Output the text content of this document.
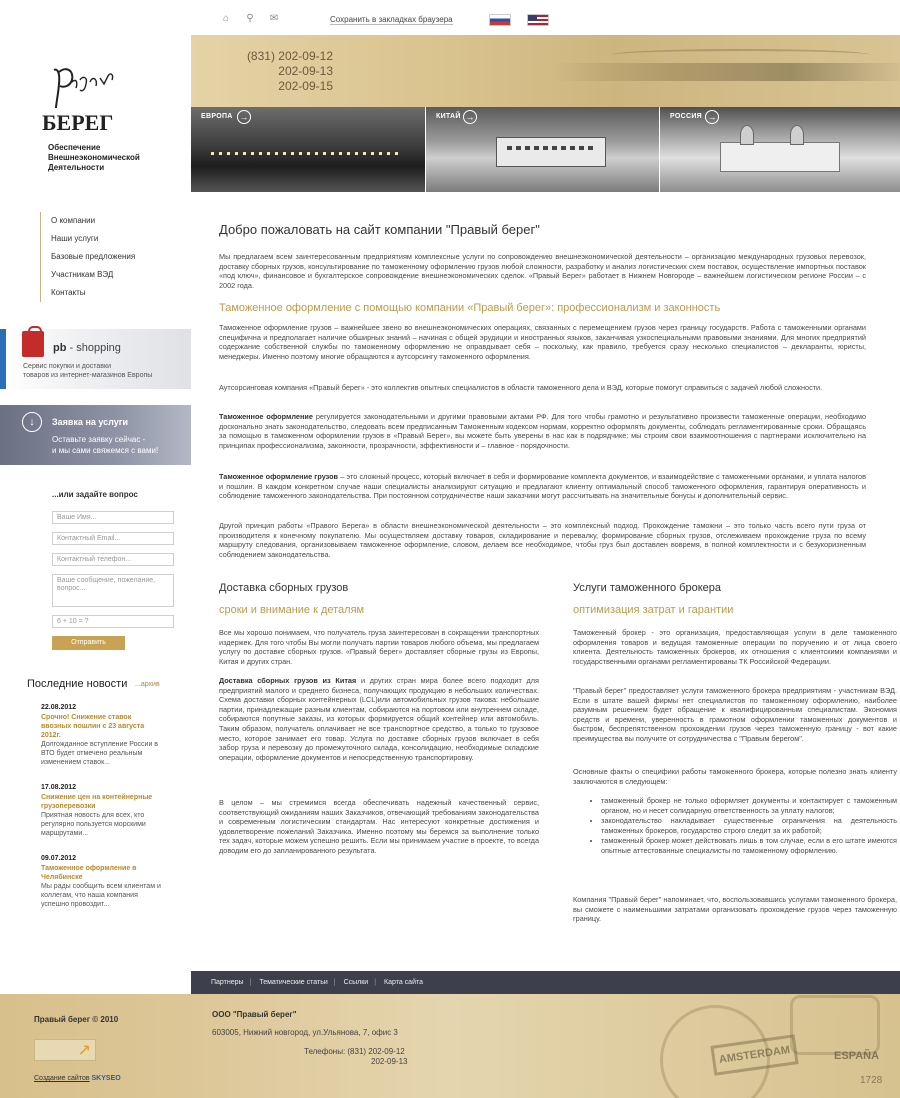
⌂ ⚲ ✉	Сохранить в закладках браузера
(831) 202-09-12
202-09-13
202-09-15
ЕВРОПА →	КИТАЙ →	РОССИЯ →
БЕРЕГ
Обеспечение
Внешнеэкономической
Деятельности
О компании
Наши услуги
Базовые предложения
Участникам ВЭД
Контакты
pb - shopping
Сервис покупки и доставки
товаров из интернет-магазинов Европы
↓	Заявка на услуги
Оставьте заявку сейчас -
и мы сами свяжемся с вами!
...или задайте вопрос
Ваше Имя...
Контактный Email...
Контактный телефон...
Ваше сообщение, пожелание, вопрос...
6 + 10 = ?
Отправить
Последние новости ...архив
22.08.2012
Срочно! Снижение ставок
ввозных пошлин с 23 августа
2012г.
Долгожданное вступление России в
ВТО будет отмечено реальным
изменением ставок...
17.08.2012
Снижение цен на контейнерные
грузоперевозки
Приятная новость для всех, кто
регулярно пользуется морскими
маршрутами...
09.07.2012
Таможенное оформление в
Челябинске
Мы рады сообщить всем клиентам и
коллегам, что наша компания
успешно провоздит...
Добро пожаловать на сайт компании "Правый берег"
Мы предлагаем всем заинтересованным предприятиям комплексные услуги по сопровождению внешнеэкономической деятельности – организацию международных грузовых перевозок, доставку сборных грузов, консультирование по таможенному оформлению грузов любой сложности, разработку и анализ логистических схем поставок, осуществление импортных поставок «под ключ», финансовое и бухгалтерское сопровождение внешнеэкономических сделок. «Правый Берег» работает в Нижнем Новгороде – важнейшем логистическом регионе России – с 2002 года.
Таможенное оформление с помощью компании «Правый берег»: профессионализм и законность
Таможенное оформление грузов – важнейшее звено во внешнеэкономических операциях, связанных с перемещением грузов через границу государств. Работа с таможенными органами специфична и предполагает наличие обширных знаний – начиная с общей эрудиции и иностранных языков, заканчивая узкоспециальными правовыми знаниями. Для многих предприятий содержание собственной службы по таможенному оформлению не оправдывает себя – поскольку, как правило, требуется сразу несколько специалистов – декларанты, юристы, менеджеры. Именно поэтому многие обращаются к аутсорсингу таможенного оформления.
Аутсорсинговая компания «Правый берег» - это коллектив опытных специалистов в области таможенного дела и ВЭД, которые помогут справиться с задачей любой сложности.
Таможенное оформление регулируется законодательными и другими правовыми актами РФ. Для того чтобы грамотно и результативно произвести таможенные операции, необходимо досконально знать законодательство, следовать всем предписанным Таможенным кодексом нормам, корректно оформлять документы, соблюдать регламентированные сроки. Обращаясь за помощью в таможенном оформлении грузов в «Правый Берег», вы можете быть уверены в нас как в подрядчике: мы строим свои взаимоотношения с партнерами исключительно на принципах профессионализма, законности, прозрачности, эффективности и – главное - порядочности.
Таможенное оформление грузов – это сложный процесс, который включает в себя и формирование комплекта документов, и взаимодействие с таможенными органами, и уплата налогов и пошлин. В каждом конкретном случае наши специалисты анализируют ситуацию и предлагают клиенту оптимальный способ таможенного оформления, гарантируя оперативность и соблюдение таможенного законодательства. При постоянном сотрудничестве наши заказчики могут рассчитывать на значительные бонусы и дополнительный сервис.
Другой принцип работы «Правого Берега» в области внешнеэкономической деятельности – это комплексный подход. Прохождение таможни – это только часть всего пути груза от производителя к конечному покупателю. Мы осуществляем доставку товаров, складирование и перевалку, формирование сборных грузов, отслеживаем прохождение груза по всему маршруту следования, организовываем таможенное оформление, словом, делаем все необходимое, чтобы груз был доставлен вовремя, в полной комплектности и с безукоризненным соблюдением законодательства.
Доставка сборных грузов
сроки и внимание к деталям
Все мы хорошо понимаем, что получатель груза заинтересован в сокращении транспортных издержек. Для того чтобы Вы могли получать партии товаров любого объема, мы предлагаем услугу по доставке сборных грузов. «Правый берег» доставляет сборные грузы из Европы, Китая и других стран.
Доставка сборных грузов из Китая и других стран мира более всего подходит для предприятий малого и среднего бизнеса, получающих продукцию в небольших количествах. Схема доставки сборных контейнерных (LCL)или автомобильных грузов такова: небольшие партии, принадлежащие разным клиентам, собираются на портовом или внутреннем складе, собираются попутные заказы, из которых формируется общий контейнер или автомобиль. Таким образом, получатель оплачивает не все транспортное средство, а только то грузовое место, которое занимает его товар. Услуга по доставке сборных грузов включает в себя забор груза и перевозку до промежуточного склада, консолидацию, необходимые складские операции, оформление документов и непосредственную транспортировку.
В целом – мы стремимся всегда обеспечивать надежный качественный сервис, соответствующий ожиданиям наших Заказчиков, отвечающий требованиям законодательства и современным логистическим стандартам. Нас интересуют конкретные достижения и удовлетворение пожеланий Заказчика. Именно поэтому мы беремся за выполнение только тех задач, которые можем успешно решить. Если мы принимаем участие в проекте, то всегда доводим его до запланированного результата.
Услуги таможенного брокера
оптимизация затрат и гарантии
Таможенный брокер - это организация, предоставляющая услуги в деле таможенного оформления товаров и ведущая таможенные операции по поручению и от лица своего клиента. Деятельность таможенных брокеров, их отношения с клиентскими компаниями и государственными органами регламентированы ТК Российской Федерации.
"Правый берег" предоставляет услуги таможенного брокера предприятиям - участникам ВЭД. Если в штате вашей фирмы нет специалистов по таможенному оформлению, наиболее разумным решением будет обращение к квалифицированным специалистам. Экономия средств и времени, уверенность в грамотном оформлении таможенных документов и быстром, беспрепятственном прохождении грузов через таможенную границу - вот какие преимущества вы получите от сотрудничества с "Правым берегом".
Основные факты о специфики работы таможенного брокера, которые полезно знать клиенту заключаются в следующем:
• таможенный брокер не только оформляет документы и контактирует с таможенным органом, но и несет солидарную ответственность за уплату налогов;
• законодательство накладывает существенные ограничения на деятельность таможенных брокеров, государство строго следит за их работой;
• таможенный брокер может действовать лишь в том случае, если в его штате имеются опытные аттестованные специалисты по таможенному оформлению.
Компания "Правый берег" напоминает, что, воспользовавшись услугами таможенного брокера, вы сможете с наименьшими затратами организовать прохождение грузов через таможенную границу.
Партнеры | Тематические статьи | Ссылки | Карта сайта
AMSTERDAM	ESPAÑA
1728
Правый берег © 2010
↗
Создание сайтов SKYSEO
ООО "Правый берег"
603005, Нижний новгород, ул.Ульянова, 7, офис 3
Телефоны: (831) 202-09-12
202-09-13
